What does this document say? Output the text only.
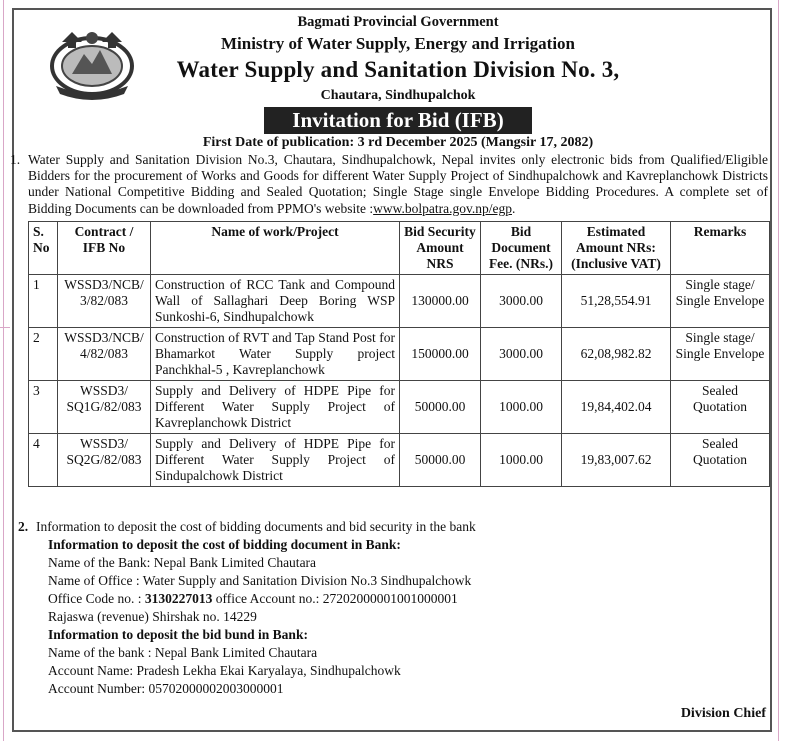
Bagmati Provincial Government
Ministry of Water Supply, Energy and Irrigation
Water Supply and Sanitation Division No. 3,
Chautara, Sindhupalchok
Invitation for Bid (IFB)
First Date of publication: 3 rd December 2025 (Mangsir 17, 2082)
1. Water Supply and Sanitation Division No.3, Chautara, Sindhupalchowk, Nepal invites only electronic bids from Qualified/Eligible Bidders for the procurement of Works and Goods for different Water Supply Project of Sindhupalchowk and Kavreplanchowk Districts under National Competitive Bidding and Sealed Quotation; Single Stage single Envelope Bidding Procedures. A complete set of Bidding Documents can be downloaded from PPMO's website :www.bolpatra.gov.np/egp.
S. No	Contract / IFB No	Name of work/Project	Bid Security Amount NRS	Bid Document Fee. (NRs.)	Estimated Amount NRs: (Inclusive VAT)	Remarks
1	WSSD3/NCB/ 3/82/083	Construction of RCC Tank and Compound Wall of Sallaghari Deep Boring WSP Sunkoshi-6, Sindhupalchowk	130000.00	3000.00	51,28,554.91	Single stage/ Single Envelope
2	WSSD3/NCB/ 4/82/083	Construction of RVT and Tap Stand Post for Bhamarkot Water Supply project Panchkhal-5 , Kavreplanchowk	150000.00	3000.00	62,08,982.82	Single stage/ Single Envelope
3	WSSD3/ SQ1G/82/083	Supply and Delivery of HDPE Pipe for Different Water Supply Project of Kavreplanchowk District	50000.00	1000.00	19,84,402.04	Sealed Quotation
4	WSSD3/ SQ2G/82/083	Supply and Delivery of HDPE Pipe for Different Water Supply Project of Sindupalchowk District	50000.00	1000.00	19,83,007.62	Sealed Quotation
2. Information to deposit the cost of bidding documents and bid security in the bank
Information to deposit the cost of bidding document in Bank:
Name of the Bank: Nepal Bank Limited Chautara
Name of Office : Water Supply and Sanitation Division No.3 Sindhupalchowk
Office Code no. : 3130227013 office Account no.: 27202000001001000001
Rajaswa (revenue) Shirshak no. 14229
Information to deposit the bid bund in Bank:
Name of the bank : Nepal Bank Limited Chautara
Account Name: Pradesh Lekha Ekai Karyalaya, Sindhupalchowk
Account Number: 05702000002003000001
Division Chief
